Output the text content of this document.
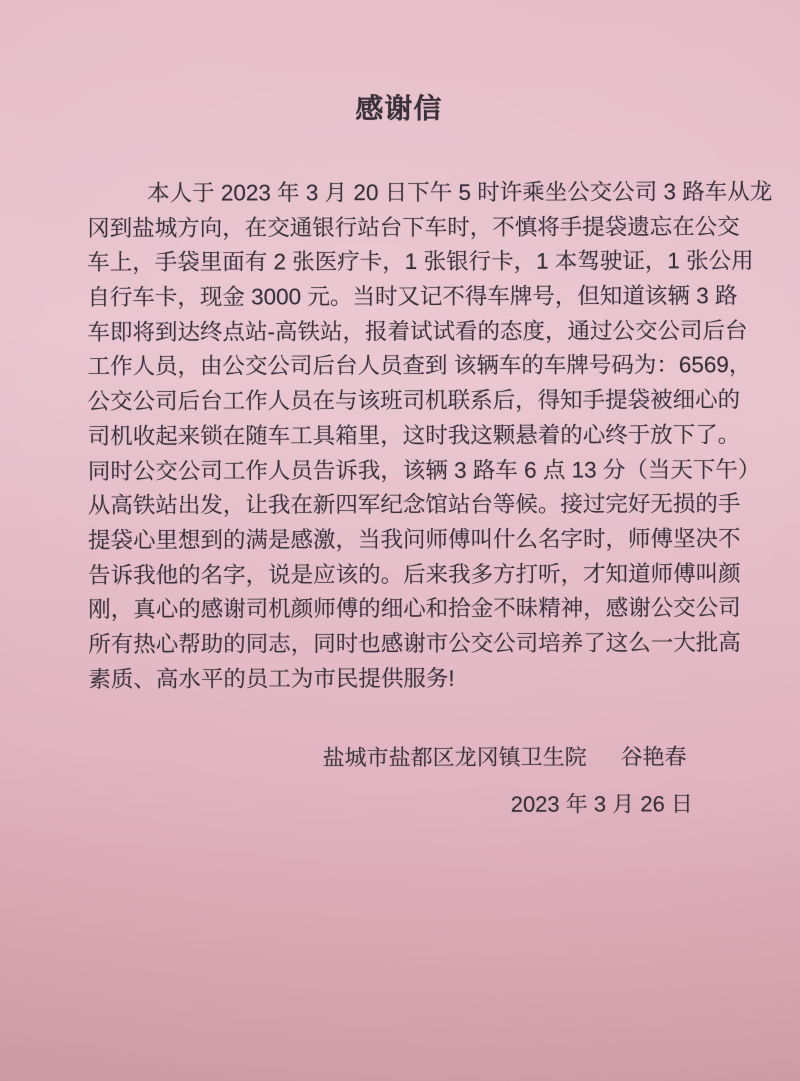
感谢信
本人于 2023 年 3 月 20 日下午 5 时许乘坐公交公司 3 路车从龙
冈到盐城方向，在交通银行站台下车时，不慎将手提袋遗忘在公交
车上，手袋里面有 2 张医疗卡，1 张银行卡，1 本驾驶证，1 张公用
自行车卡，现金 3000 元。当时又记不得车牌号，但知道该辆 3 路
车即将到达终点站-高铁站，报着试试看的态度，通过公交公司后台
工作人员，由公交公司后台人员查到 该辆车的车牌号码为：6569，
公交公司后台工作人员在与该班司机联系后，得知手提袋被细心的
司机收起来锁在随车工具箱里，这时我这颗悬着的心终于放下了。
同时公交公司工作人员告诉我，该辆 3 路车 6 点 13 分（当天下午）
从高铁站出发，让我在新四军纪念馆站台等候。接过完好无损的手
提袋心里想到的满是感激，当我问师傅叫什么名字时，师傅坚决不
告诉我他的名字，说是应该的。后来我多方打听，才知道师傅叫颜
刚，真心的感谢司机颜师傅的细心和拾金不昧精神，感谢公交公司
所有热心帮助的同志，同时也感谢市公交公司培养了这么一大批高
素质、高水平的员工为市民提供服务!
盐城市盐都区龙冈镇卫生院 谷艳春
2023 年 3 月 26 日
